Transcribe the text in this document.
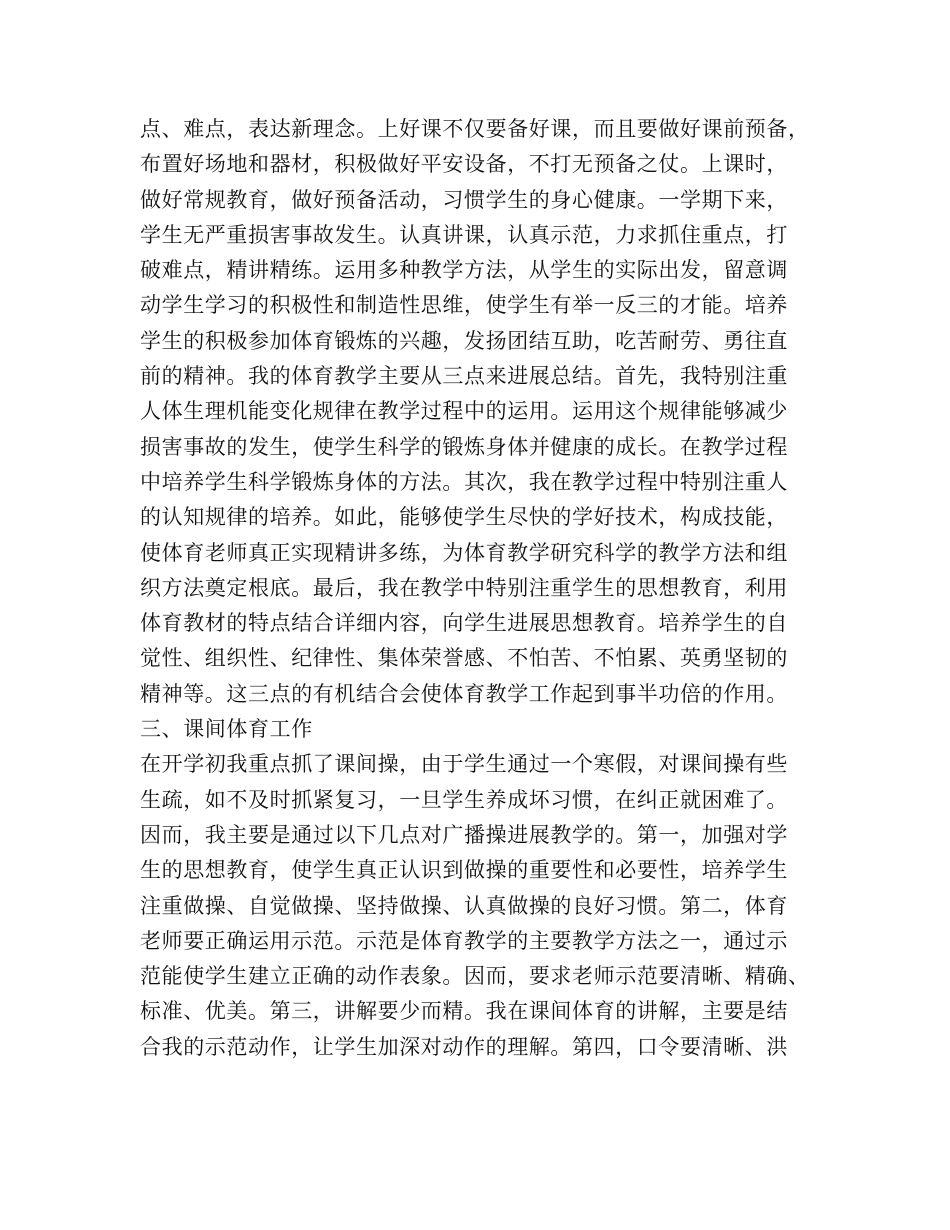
点、难点，表达新理念。上好课不仅要备好课，而且要做好课前预备，
布置好场地和器材，积极做好平安设备，不打无预备之仗。上课时，
做好常规教育，做好预备活动，习惯学生的身心健康。一学期下来，
学生无严重损害事故发生。认真讲课，认真示范，力求抓住重点，打
破难点，精讲精练。运用多种教学方法，从学生的实际出发，留意调
动学生学习的积极性和制造性思维，使学生有举一反三的才能。培养
学生的积极参加体育锻炼的兴趣，发扬团结互助，吃苦耐劳、勇往直
前的精神。我的体育教学主要从三点来进展总结。首先，我特别注重
人体生理机能变化规律在教学过程中的运用。运用这个规律能够减少
损害事故的发生，使学生科学的锻炼身体并健康的成长。在教学过程
中培养学生科学锻炼身体的方法。其次，我在教学过程中特别注重人
的认知规律的培养。如此，能够使学生尽快的学好技术，构成技能，
使体育老师真正实现精讲多练，为体育教学研究科学的教学方法和组
织方法奠定根底。最后，我在教学中特别注重学生的思想教育，利用
体育教材的特点结合详细内容，向学生进展思想教育。培养学生的自
觉性、组织性、纪律性、集体荣誉感、不怕苦、不怕累、英勇坚韧的
精神等。这三点的有机结合会使体育教学工作起到事半功倍的作用。
三、课间体育工作
在开学初我重点抓了课间操，由于学生通过一个寒假，对课间操有些
生疏，如不及时抓紧复习，一旦学生养成坏习惯，在纠正就困难了。
因而，我主要是通过以下几点对广播操进展教学的。第一，加强对学
生的思想教育，使学生真正认识到做操的重要性和必要性，培养学生
注重做操、自觉做操、坚持做操、认真做操的良好习惯。第二，体育
老师要正确运用示范。示范是体育教学的主要教学方法之一，通过示
范能使学生建立正确的动作表象。因而，要求老师示范要清晰、精确、
标准、优美。第三，讲解要少而精。我在课间体育的讲解，主要是结
合我的示范动作，让学生加深对动作的理解。第四，口令要清晰、洪
